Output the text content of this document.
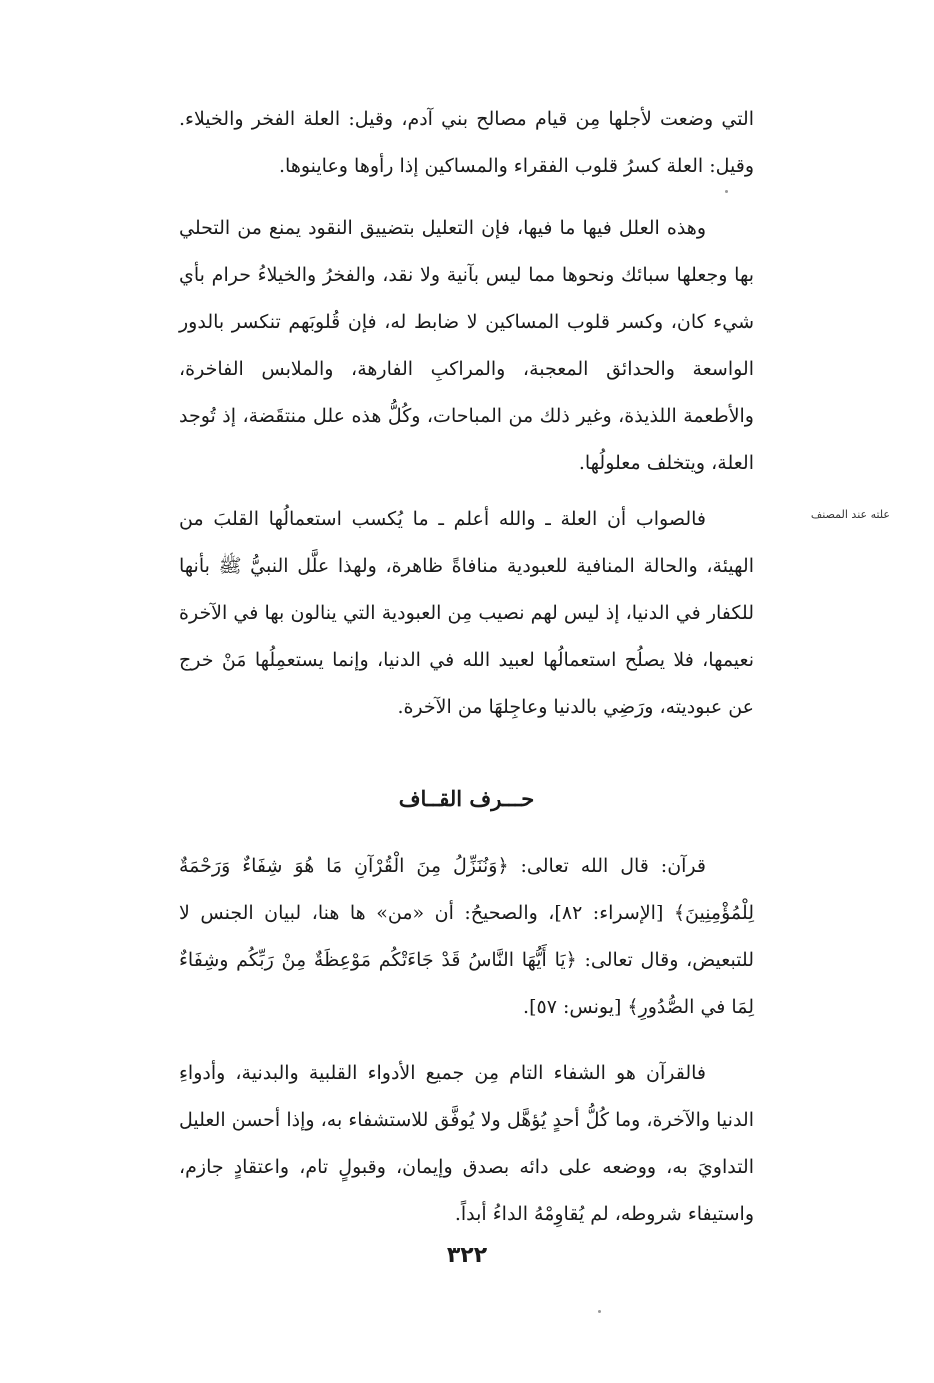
التي وضعت لأجلها مِن قيام مصالح بني آدم، وقيل: العلة الفخر والخيلاء. وقيل: العلة كسرُ قلوب الفقراء والمساكين إذا رأوها وعاينوها.

وهذه العلل فيها ما فيها، فإن التعليل بتضييق النقود يمنع من التحلي بها وجعلها سبائك ونحوها مما ليس بآنية ولا نقد، والفخرُ والخيلاءُ حرام بأي شيء كان، وكسر قلوب المساكين لا ضابط له، فإن قُلوبَهم تنكسر بالدور الواسعة والحدائق المعجبة، والمراكبِ الفارهة، والملابس الفاخرة، والأطعمة اللذيذة، وغير ذلك من المباحات، وكُلُّ هذه علل منتقَضة، إذ تُوجد العلة، ويتخلف معلولُها.

علته عند المصنف

فالصواب أن العلة ـ والله أعلم ـ ما يُكسب استعمالُها القلبَ من الهيئة، والحالة المنافية للعبودية منافاةً ظاهرة، ولهذا علَّل النبيُّ ﷺ بأنها للكفار في الدنيا، إذ ليس لهم نصيب مِن العبودية التي ينالون بها في الآخرة نعيمها، فلا يصلُح استعمالُها لعبيد الله في الدنيا، وإنما يستعمِلُها مَنْ خرج عن عبوديته، ورَضِي بالدنيا وعاجِلهَا من الآخرة.

حـــرف القــاف

قرآن: قال الله تعالى: ﴿وَنُنَزِّلُ مِنَ الْقُرْآنِ مَا هُوَ شِفَاءٌ وَرَحْمَةٌ لِلْمُؤْمِنِينَ﴾ [الإسراء: ٨٢]، والصحيحُ: أن «من» ها هنا، لبيان الجنس لا للتبعيض، وقال تعالى: ﴿يَا أَيُّهَا النَّاسُ قَدْ جَاءَتْكُم مَوْعِظَةٌ مِنْ رَبِّكُم وشِفَاءٌ لِمَا في الصُّدُورِ﴾ [يونس: ٥٧].

فالقرآن هو الشفاء التام مِن جميع الأدواء القلبية والبدنية، وأدواءِ الدنيا والآخرة، وما كُلُّ أحدٍ يُؤهَّل ولا يُوفَّق للاستشفاء به، وإذا أحسن العليل التداويَ به، ووضعه على دائه بصدق وإيمان، وقبولٍ تام، واعتقادٍ جازم، واستيفاء شروطه، لم يُقاوِمْهُ الداءُ أبداً.

٣٢٢
